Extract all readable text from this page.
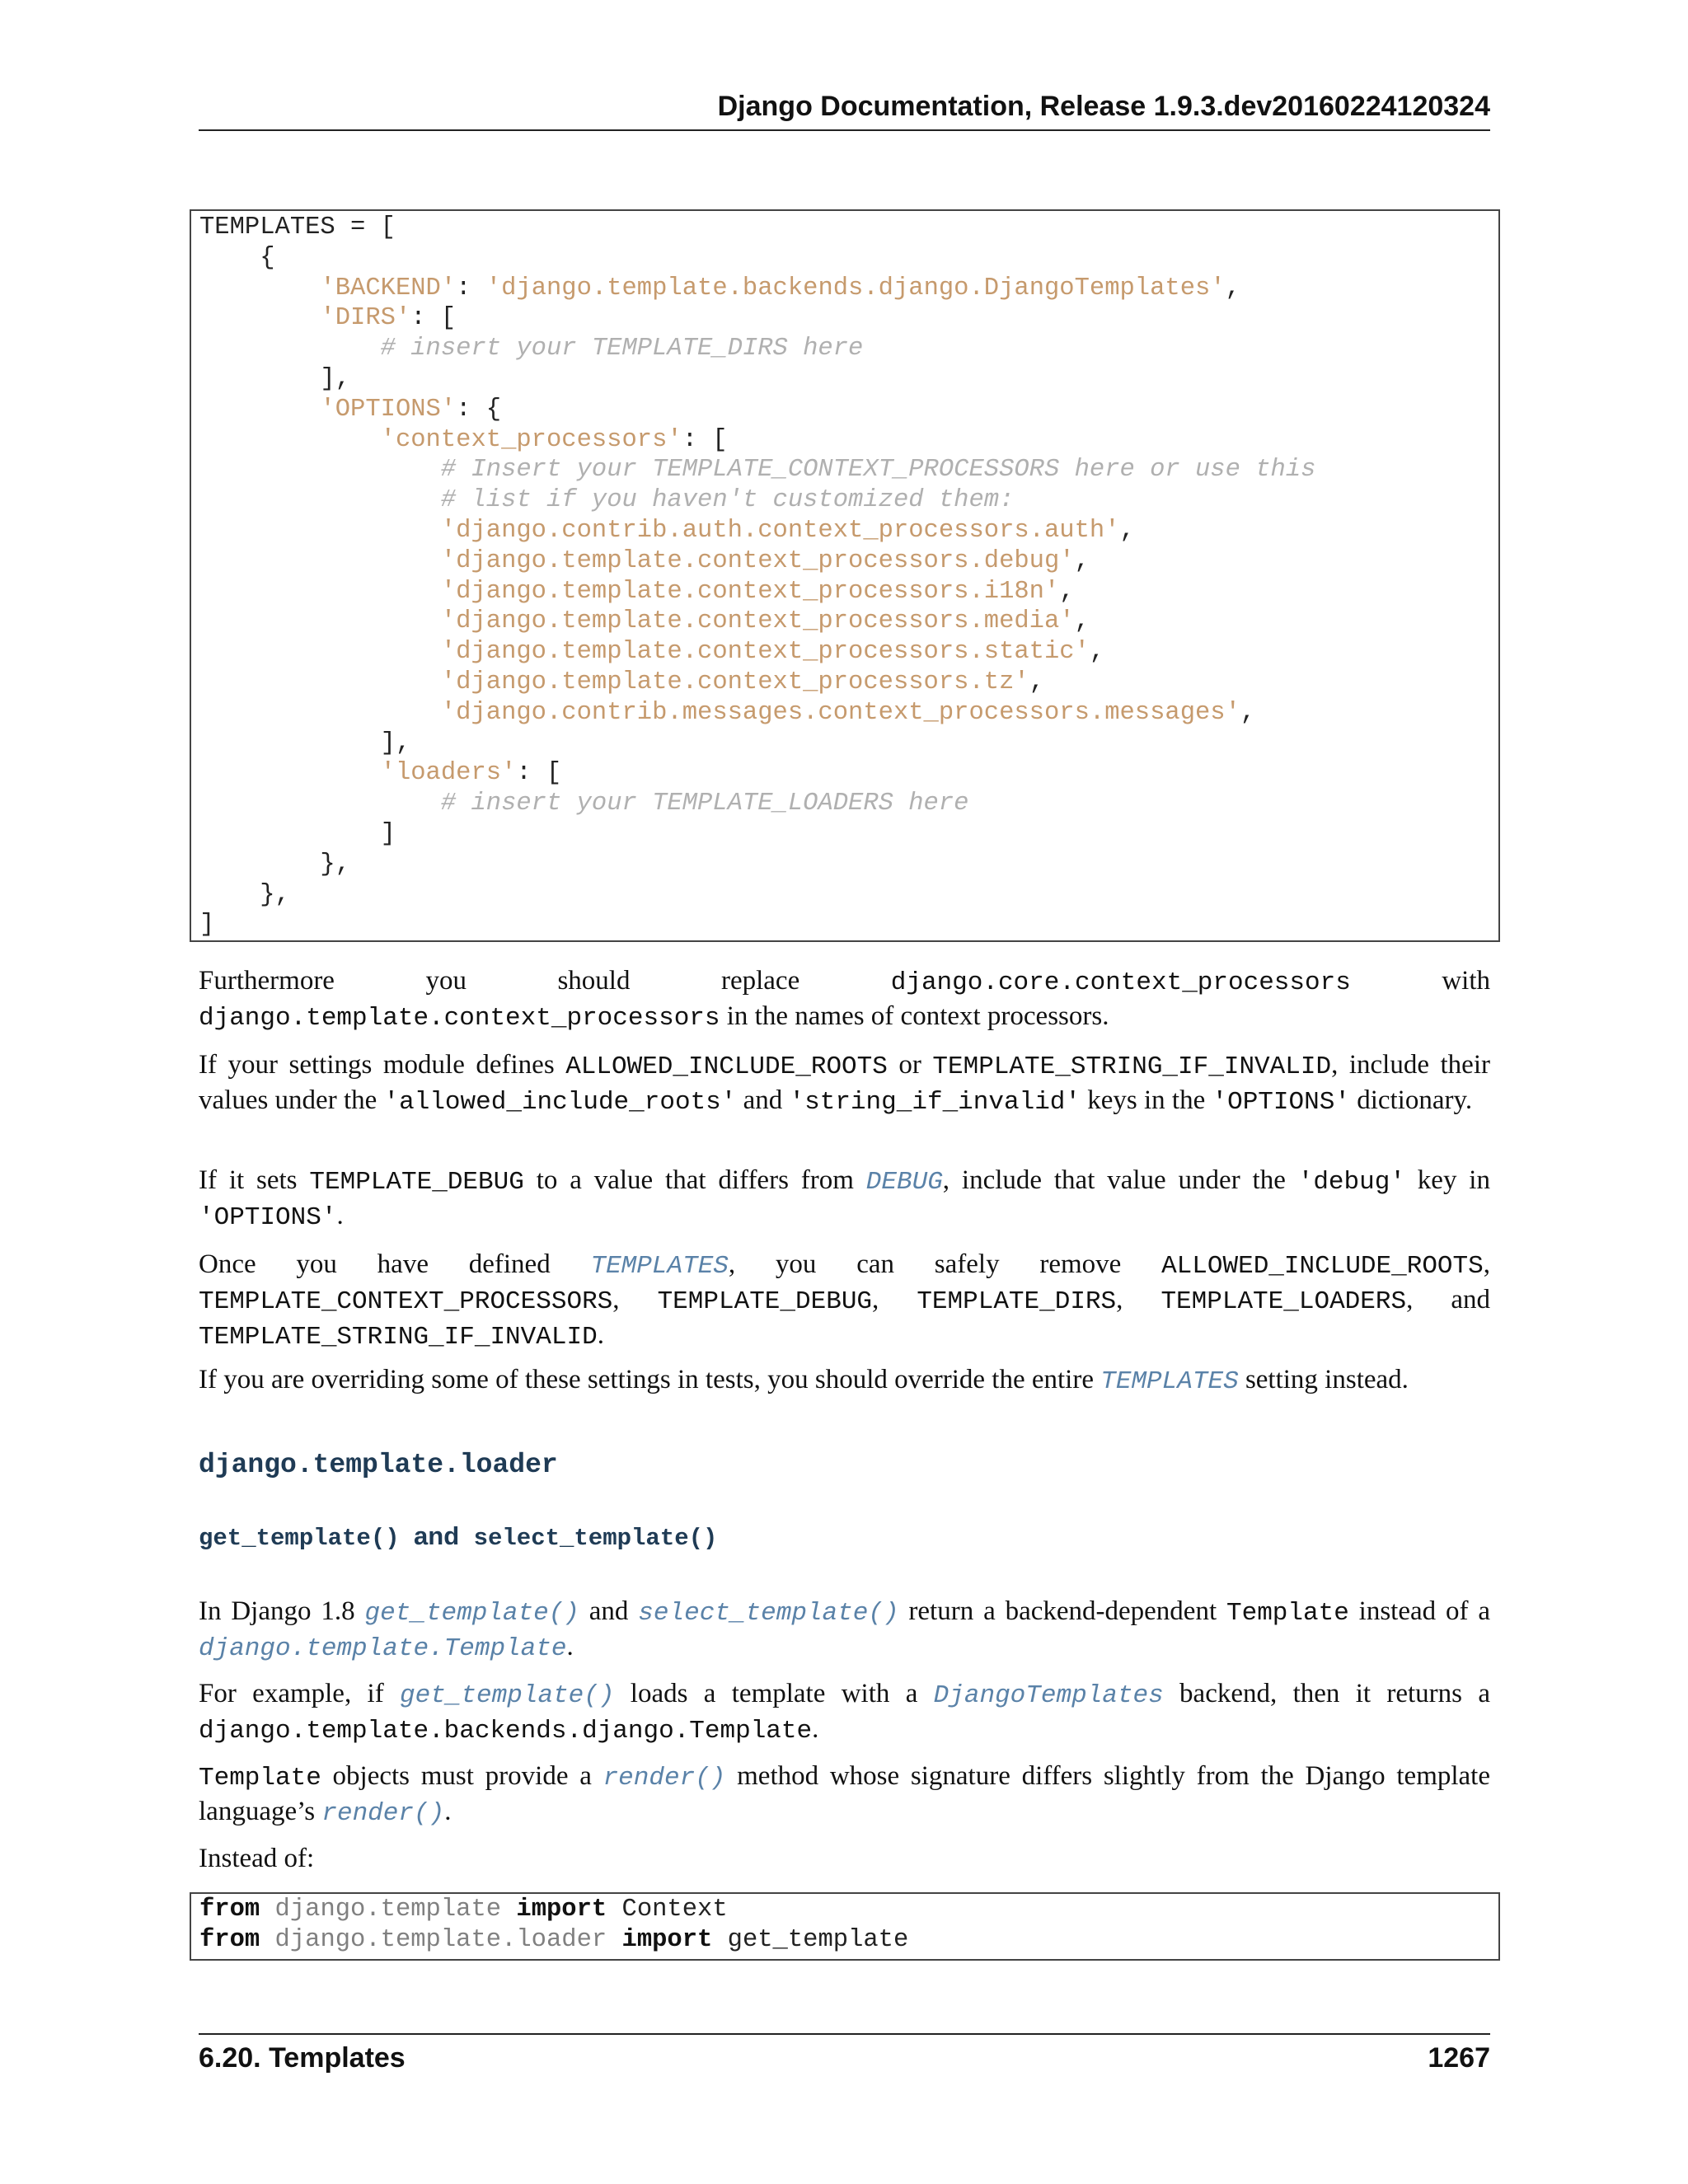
Django Documentation, Release 1.9.3.dev20160224120324
TEMPLATES = [
{
'BACKEND': 'django.template.backends.django.DjangoTemplates',
'DIRS': [
# insert your TEMPLATE_DIRS here
],
'OPTIONS': {
'context_processors': [
# Insert your TEMPLATE_CONTEXT_PROCESSORS here or use this
# list if you haven't customized them:
'django.contrib.auth.context_processors.auth',
'django.template.context_processors.debug',
'django.template.context_processors.i18n',
'django.template.context_processors.media',
'django.template.context_processors.static',
'django.template.context_processors.tz',
'django.contrib.messages.context_processors.messages',
],
'loaders': [
# insert your TEMPLATE_LOADERS here
]
},
},
]

Furthermore you should replace django.core.context_processors with django.template.context_processors in the names of context processors.

If your settings module defines ALLOWED_INCLUDE_ROOTS or TEMPLATE_STRING_IF_INVALID, include their values under the 'allowed_include_roots' and 'string_if_invalid' keys in the 'OPTIONS' dictionary.

If it sets TEMPLATE_DEBUG to a value that differs from DEBUG, include that value under the 'debug' key in 'OPTIONS'.

Once you have defined TEMPLATES, you can safely remove ALLOWED_INCLUDE_ROOTS, TEMPLATE_CONTEXT_PROCESSORS, TEMPLATE_DEBUG, TEMPLATE_DIRS, TEMPLATE_LOADERS, and TEMPLATE_STRING_IF_INVALID.

If you are overriding some of these settings in tests, you should override the entire TEMPLATES setting instead.

django.template.loader
get_template() and select_template()

In Django 1.8 get_template() and select_template() return a backend-dependent Template instead of a django.template.Template.

For example, if get_template() loads a template with a DjangoTemplates backend, then it returns a django.template.backends.django.Template.

Template objects must provide a render() method whose signature differs slightly from the Django template language’s render().

Instead of:

from django.template import Context
from django.template.loader import get_template
6.20. Templates	1267
